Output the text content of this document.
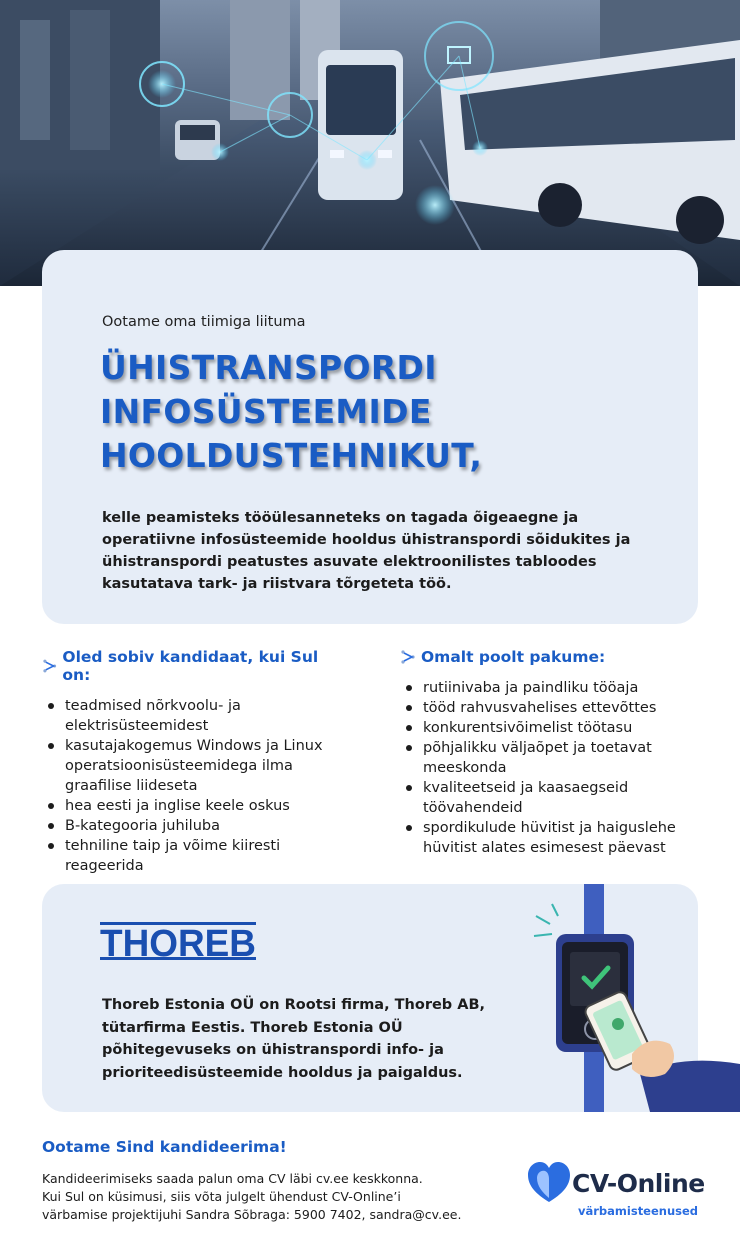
Ootame oma tiimiga liituma
ÜHISTRANSPORDI
INFOSÜSTEEMIDE
HOOLDUSTEHNIKUT,
kelle peamisteks tööülesanneteks on tagada õigeaegne ja operatiivne infosüsteemide hooldus ühistranspordi sõidukites ja ühistranspordi peatustes asuvate elektroonilistes tabloodes kasutatava tark- ja riistvara tõrgeteta töö.
Oled sobiv kandidaat, kui Sul on:
teadmised nõrkvoolu- ja elektrisüsteemidest
kasutajakogemus Windows ja Linux operatsioonisüsteemidega ilma graafilise liideseta
hea eesti ja inglise keele oskus
B-kategooria juhiluba
tehniline taip ja võime kiiresti reageerida
Omalt poolt pakume:
rutiinivaba ja paindliku tööaja
tööd rahvusvahelises ettevõttes
konkurentsivõimelist töötasu
põhjalikku väljaõpet ja toetavat meeskonda
kvaliteetseid ja kaasaegseid töövahendeid
spordikulude hüvitist ja haiguslehe hüvitist alates esimesest päevast
THOREB
Thoreb Estonia OÜ on Rootsi firma, Thoreb AB, tütarfirma Eestis. Thoreb Estonia OÜ põhitegevuseks on ühistranspordi info- ja prioriteedisüsteemide hooldus ja paigaldus.
Ootame Sind kandideerima!
Kandideerimiseks saada palun oma CV läbi cv.ee keskkonna.
Kui Sul on küsimusi, siis võta julgelt ühendust CV-Online’i
värbamise projektijuhi Sandra Sõbraga: 5900 7402, sandra@cv.ee.
CV-Online
värbamisteenused
